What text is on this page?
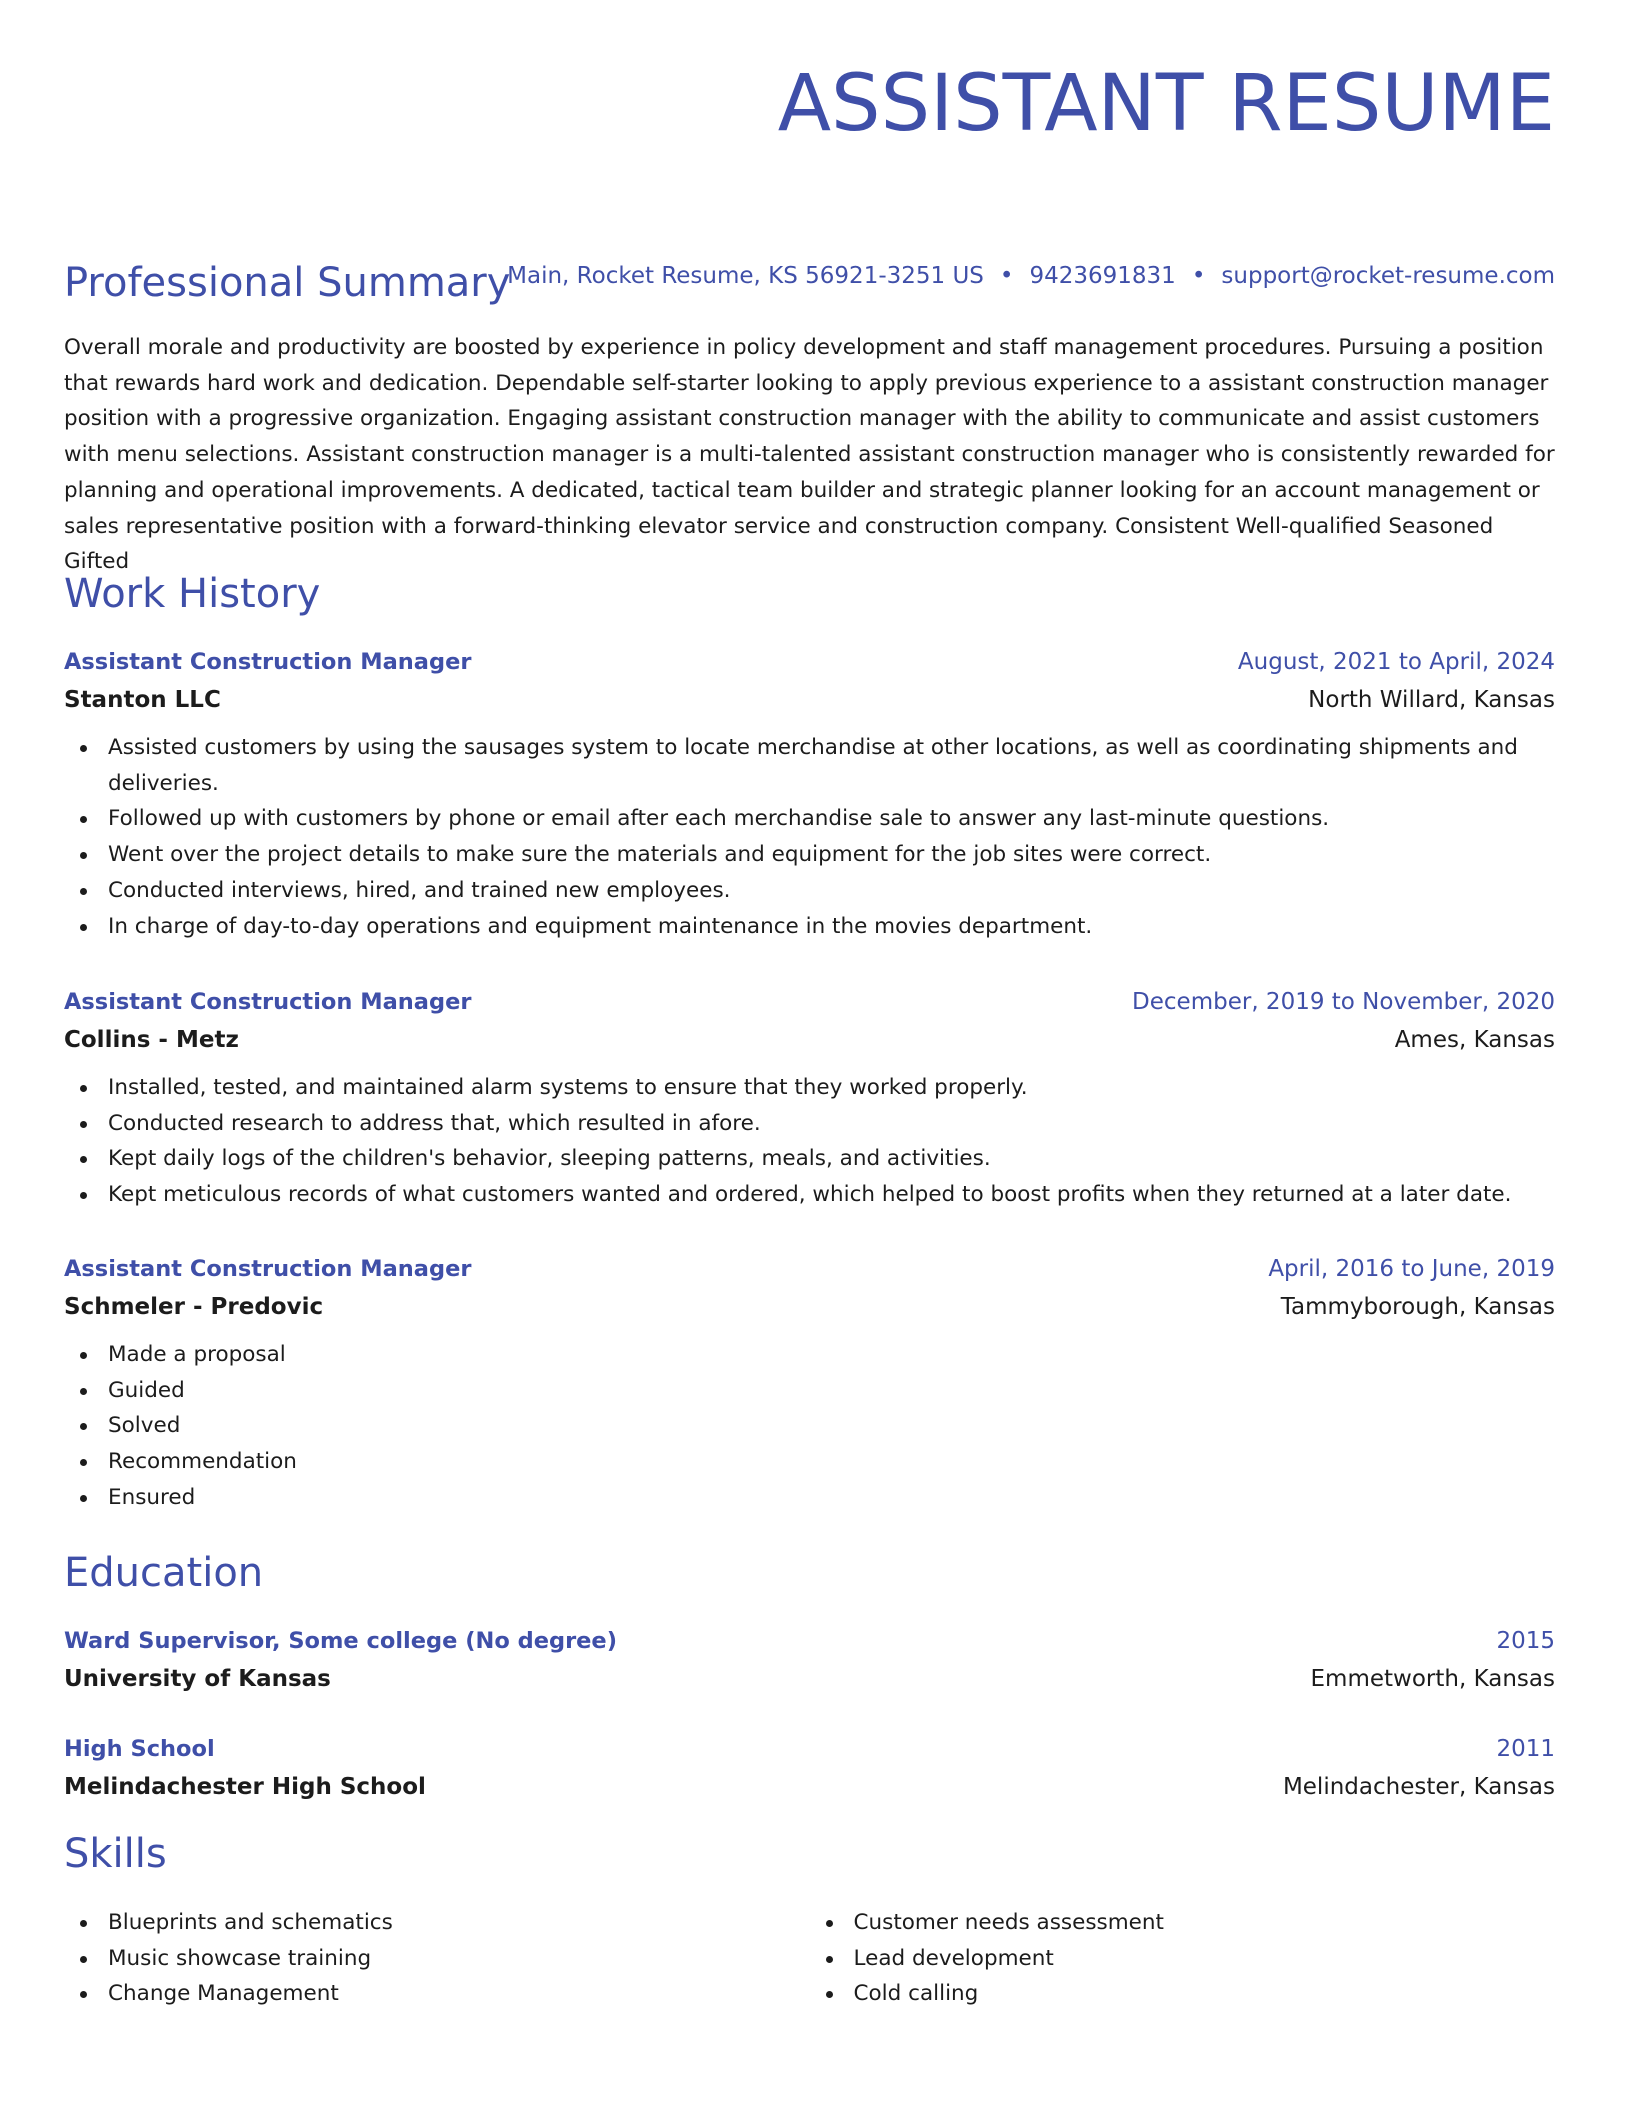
ASSISTANT RESUME
Main, Rocket Resume, KS 56921-3251 US • 9423691831 • support@rocket-resume.com
Professional Summary

Overall morale and productivity are boosted by experience in policy development and staff management procedures. Pursuing a position that rewards hard work and dedication. Dependable self-starter looking to apply previous experience to a assistant construction manager position with a progressive organization. Engaging assistant construction manager with the ability to communicate and assist customers with menu selections. Assistant construction manager is a multi-talented assistant construction manager who is consistently rewarded for planning and operational improvements. A dedicated, tactical team builder and strategic planner looking for an account management or sales representative position with a forward-thinking elevator service and construction company. Consistent Well-qualified Seasoned Gifted

Work History
Assistant Construction Manager	August, 2021 to April, 2024
Stanton LLC	North Willard, Kansas
Assisted customers by using the sausages system to locate merchandise at other locations, as well as coordinating shipments and deliveries.
Followed up with customers by phone or email after each merchandise sale to answer any last-minute questions.
Went over the project details to make sure the materials and equipment for the job sites were correct.
Conducted interviews, hired, and trained new employees.
In charge of day-to-day operations and equipment maintenance in the movies department.
Assistant Construction Manager	December, 2019 to November, 2020
Collins - Metz	Ames, Kansas
Installed, tested, and maintained alarm systems to ensure that they worked properly.
Conducted research to address that, which resulted in afore.
Kept daily logs of the children's behavior, sleeping patterns, meals, and activities.
Kept meticulous records of what customers wanted and ordered, which helped to boost profits when they returned at a later date.
Assistant Construction Manager	April, 2016 to June, 2019
Schmeler - Predovic	Tammyborough, Kansas
Made a proposal
Guided
Solved
Recommendation
Ensured
Education
Ward Supervisor, Some college (No degree)	2015
University of Kansas	Emmetworth, Kansas
High School	2011
Melindachester High School	Melindachester, Kansas
Skills
Blueprints and schematics
Music showcase training
Change Management
Customer needs assessment
Lead development
Cold calling
